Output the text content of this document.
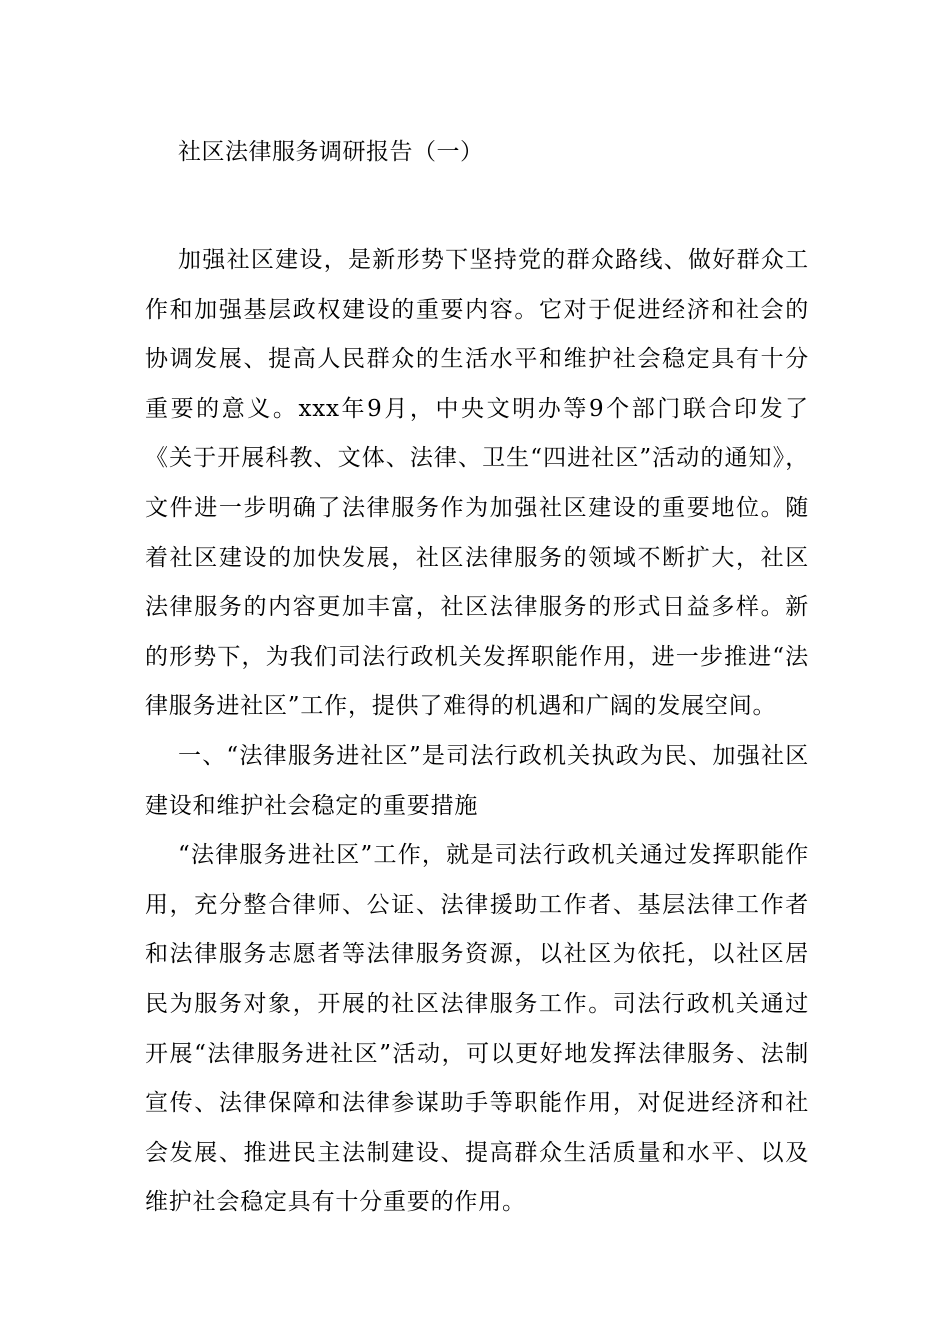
社区法律服务调研报告（一）

加强社区建设，是新形势下坚持党的群众路线、做好群众工作和加强基层政权建设的重要内容。它对于促进经济和社会的协调发展、提高人民群众的生活水平和维护社会稳定具有十分重要的意义。xxx年9月，中央文明办等9个部门联合印发了《关于开展科教、文体、法律、卫生“四进社区”活动的通知》，文件进一步明确了法律服务作为加强社区建设的重要地位。随着社区建设的加快发展，社区法律服务的领域不断扩大，社区法律服务的内容更加丰富，社区法律服务的形式日益多样。新的形势下，为我们司法行政机关发挥职能作用，进一步推进“法律服务进社区”工作，提供了难得的机遇和广阔的发展空间。

一、“法律服务进社区”是司法行政机关执政为民、加强社区建设和维护社会稳定的重要措施

“法律服务进社区”工作，就是司法行政机关通过发挥职能作用，充分整合律师、公证、法律援助工作者、基层法律工作者和法律服务志愿者等法律服务资源，以社区为依托，以社区居民为服务对象，开展的社区法律服务工作。司法行政机关通过开展“法律服务进社区”活动，可以更好地发挥法律服务、法制宣传、法律保障和法律参谋助手等职能作用，对促进经济和社会发展、推进民主法制建设、提高群众生活质量和水平、以及维护社会稳定具有十分重要的作用。
